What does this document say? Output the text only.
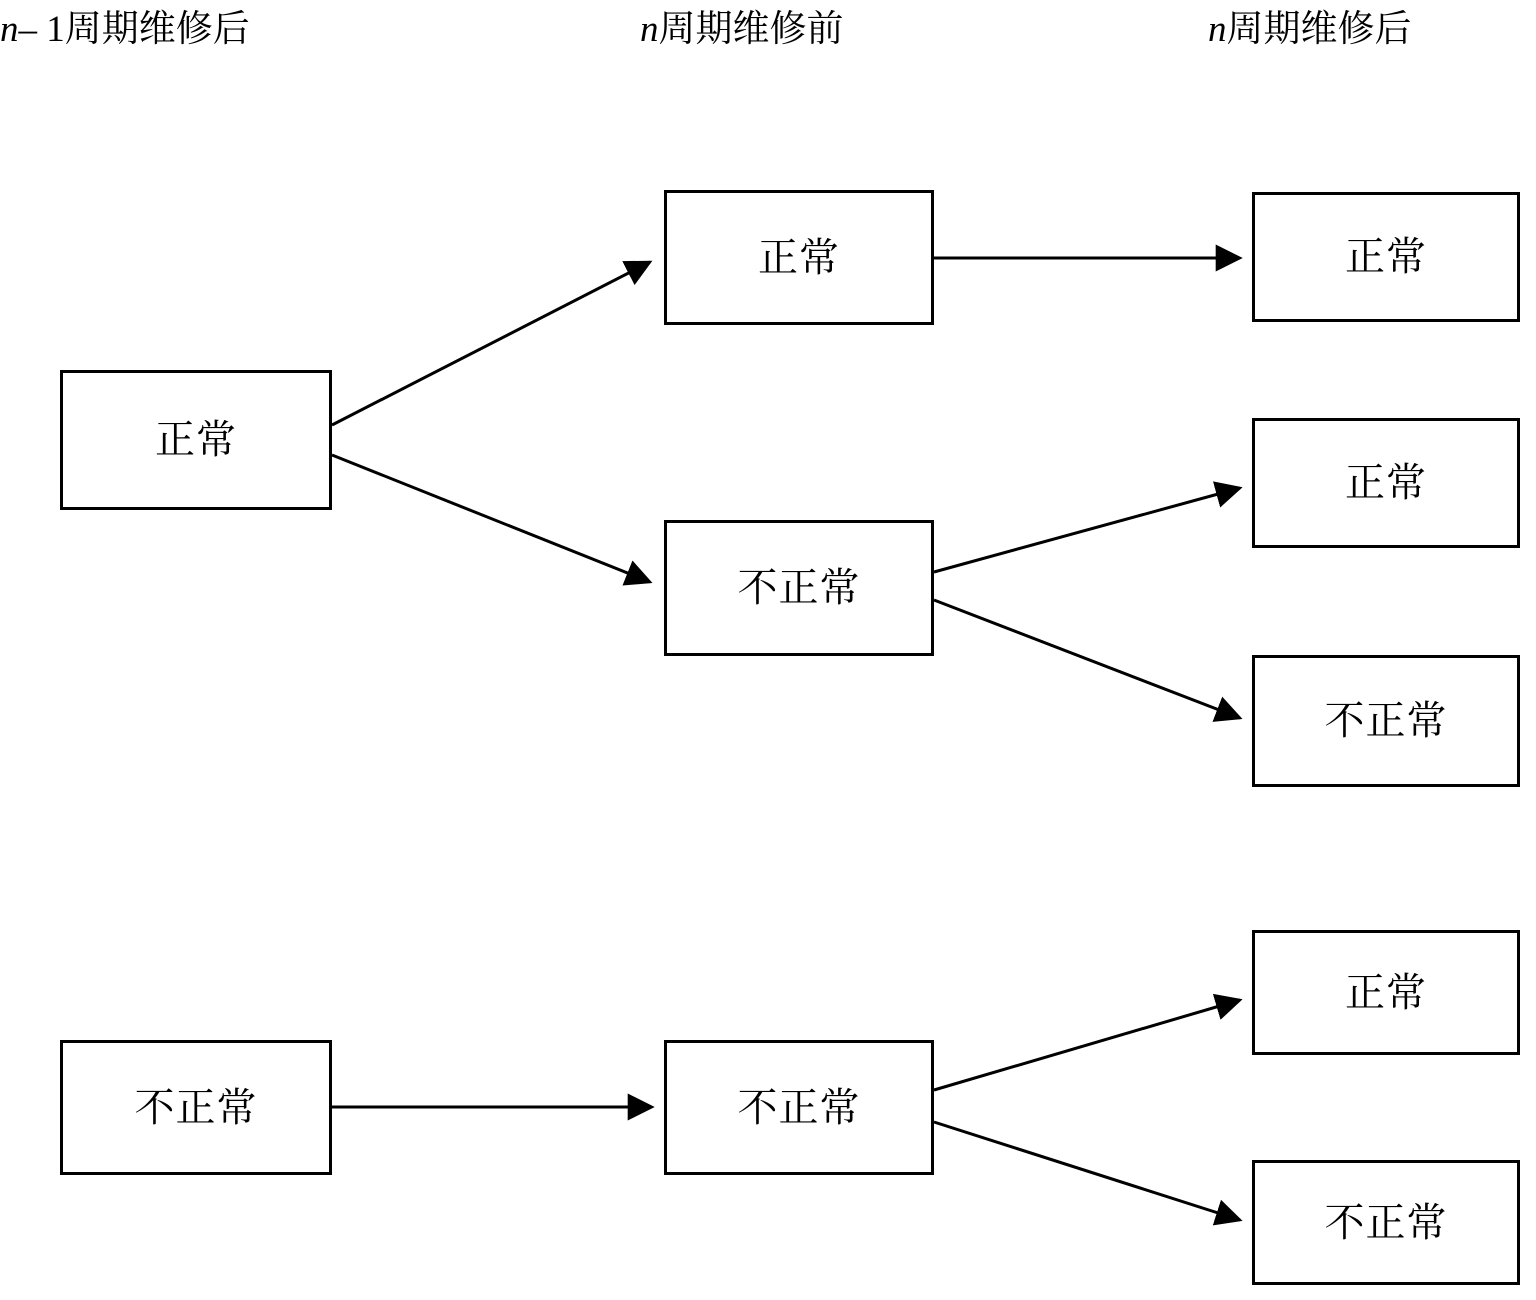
n– 1周期维修后	n周期维修前	n周期维修后
正常
正常
不正常
正常
正常
不正常
不正常	不正常
正常
不正常
